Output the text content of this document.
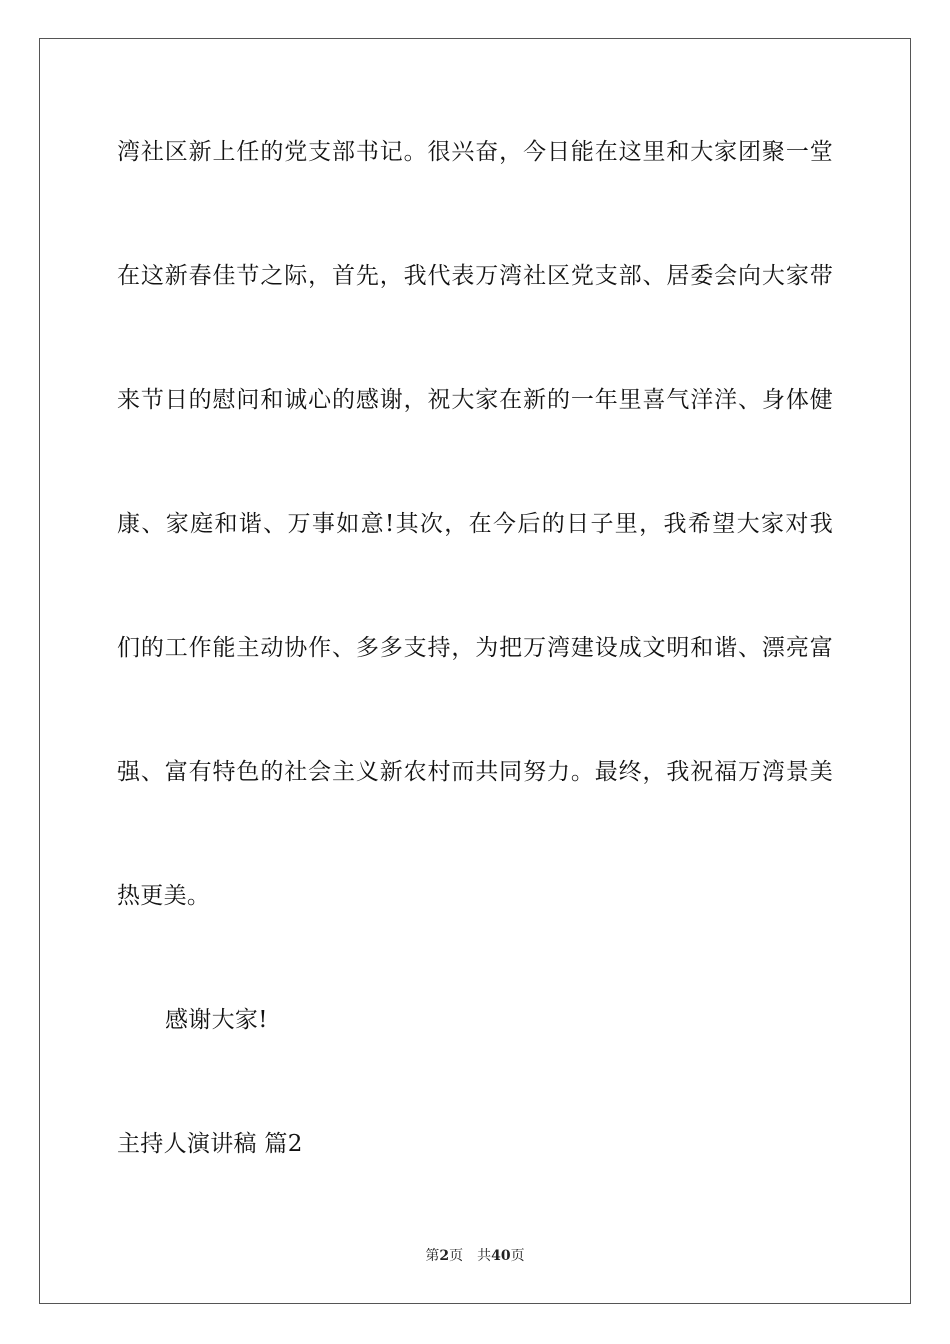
湾社区新上任的党支部书记。很兴奋，今日能在这里和大家团聚一堂
在这新春佳节之际，首先，我代表万湾社区党支部、居委会向大家带
来节日的慰问和诚心的感谢，祝大家在新的一年里喜气洋洋、身体健
康、家庭和谐、万事如意!其次，在今后的日子里，我希望大家对我
们的工作能主动协作、多多支持，为把万湾建设成文明和谐、漂亮富
强、富有特色的社会主义新农村而共同努力。最终，我祝福万湾景美
热更美。
感谢大家!
主持人演讲稿 篇2
第2页 共40页
